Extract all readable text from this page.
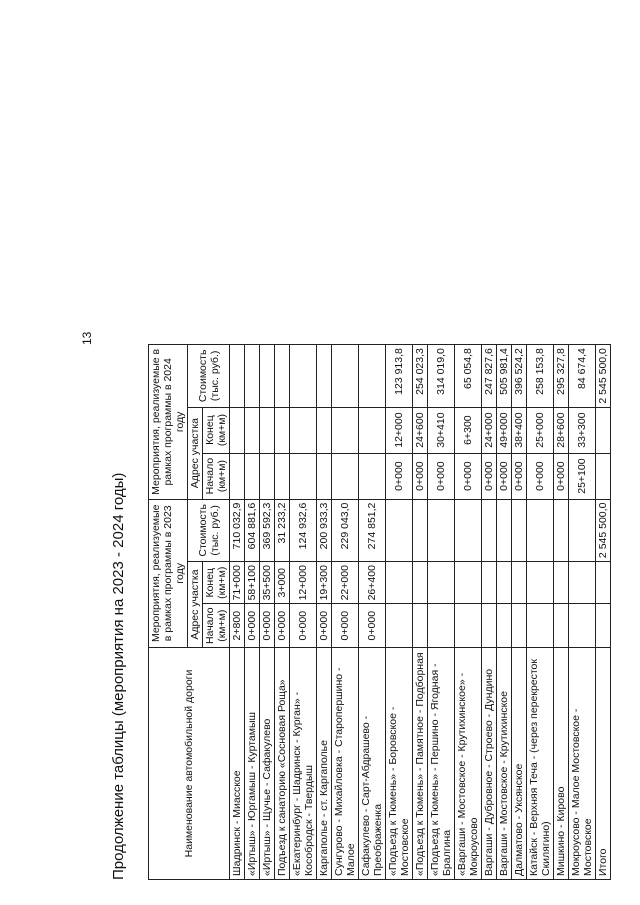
13
Продолжение таблицы (мероприятия на 2023 - 2024 годы)	Наименование автомобильной дороги	Мероприятия, реализуемые в рамках программы в 2023 году			Мероприятия, реализуемые в рамках программы в 2024 году		
	Адрес участка		Стоимость (тыс. руб.)	Адрес участка		Стоимость (тыс. руб.)
	Начало (км+м)	Конец (км+м)		Начало (км+м)	Конец (км+м)	
Шадринск - Миасское	2+800	71+000	710 032,9			
«Иртыш» - Юргамыш - Куртамыш	0+000	58+100	604 881,6			
«Иртыш» - Щучье - Сафакулево	0+000	35+500	369 592,3			
Подъезд к санаторию «Сосновая Роща»	0+000	3+000	31 233,2			
«Екатеринбург - Шадринск - Курган» - Кособродск - Твердыш	0+000	12+000	124 932,6			
Каргаполье - ст. Каргаполье	0+000	19+300	200 933,3			
Сунгурово - Михайловка - Старопершино - Малое	0+000	22+000	229 043,0			
Сафакулево - Сарт-Абдрашево - Преображенка	0+000	26+400	274 851,2			
«Подъезд к Тюмень» - Боровское - Мостовское				0+000	12+000	123 913,8
«Подъезд к Тюмень» - Памятное - Подборная				0+000	24+600	254 023,3
«Подъезд к Тюмень» - Першино - Ягодная - Бралгина				0+000	30+410	314 019,0
«Варгаши - Мостовское - Крутихинское» - Мокроусово				0+000	6+300	65 054,8
Варгаши - Дубровное - Строево - Дундино				0+000	24+000	247 827,6
Варгаши - Мостовское - Крутихинское				0+000	49+000	505 981,4
Далматово - Уксянское				0+000	38+400	396 524,2
Катайск - Верхняя Теча - (через перекресток Скилягино)				0+000	25+000	258 153,8
Мишкино - Кирово				0+000	28+600	295 327,8
Мокроусово - Малое Мостовское - Мостовское				25+100	33+300	84 674,4
Итого			2 545 500,0			2 545 500,0
